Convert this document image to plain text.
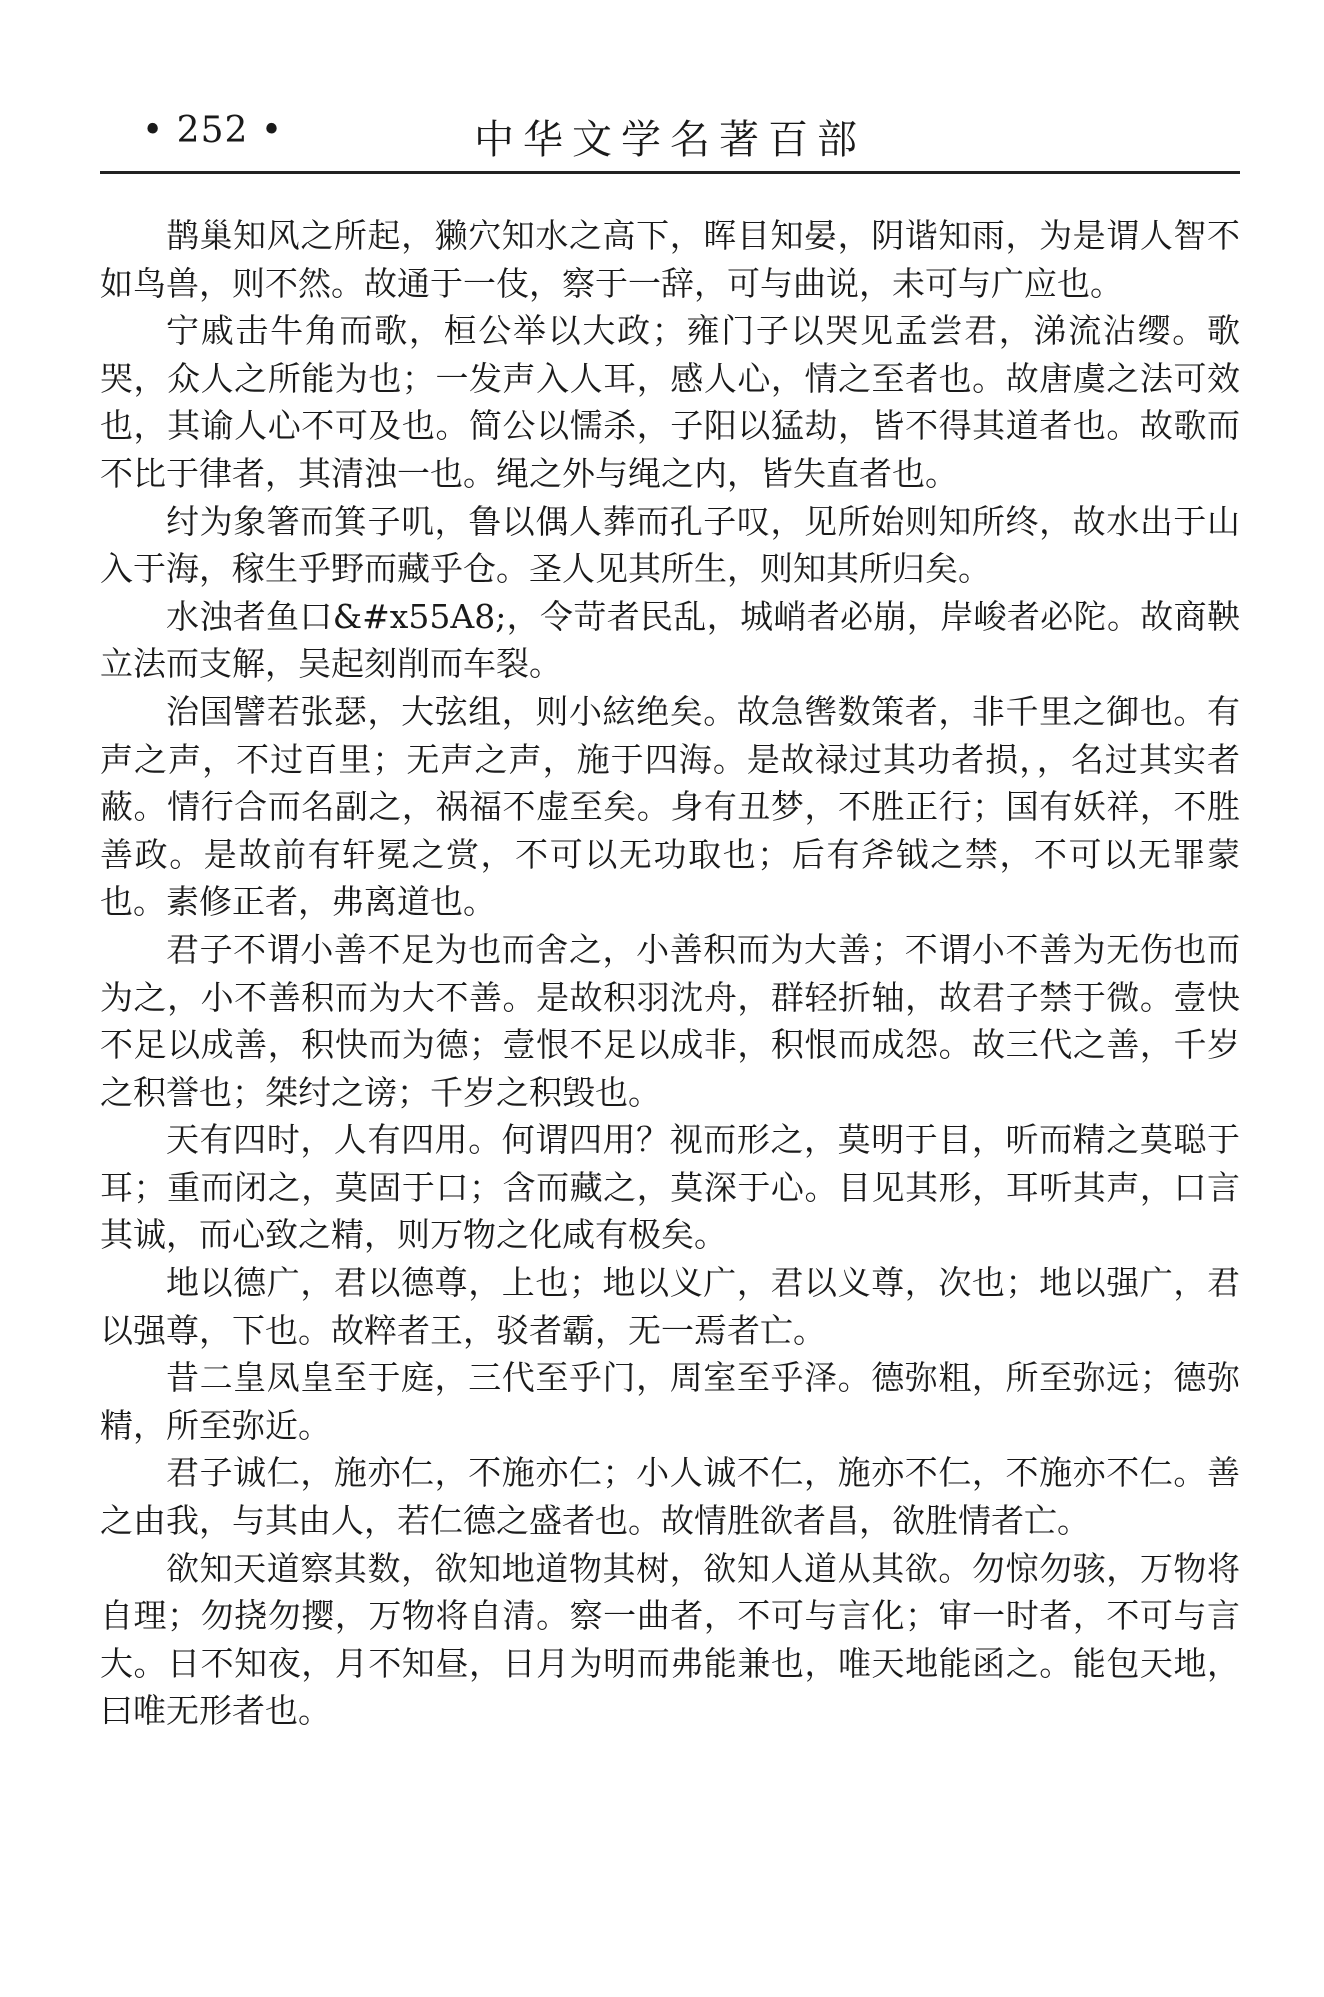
• 252 •	中华文学名著百部

鹊巢知风之所起，獭穴知水之高下，晖目知晏，阴谐知雨，为是谓人智不如鸟兽，则不然。故通于一伎，察于一辞，可与曲说，未可与广应也。

宁戚击牛角而歌，桓公举以大政；雍门子以哭见孟尝君，涕流沾缨。歌哭，众人之所能为也；一发声入人耳，感人心，情之至者也。故唐虞之法可效也，其谕人心不可及也。简公以懦杀，子阳以猛劫，皆不得其道者也。故歌而不比于律者，其清浊一也。绳之外与绳之内，皆失直者也。

纣为象箸而箕子叽，鲁以偶人葬而孔子叹，见所始则知所终，故水出于山入于海，稼生乎野而藏乎仓。圣人见其所生，则知其所归矣。

水浊者鱼口&#x55A8;，令苛者民乱，城峭者必崩，岸峻者必陀。故商鞅立法而支解，吴起刻削而车裂。

治国譬若张瑟，大弦组，则小絃绝矣。故急辔数策者，非千里之御也。有声之声，不过百里；无声之声，施于四海。是故禄过其功者损，，名过其实者蔽。情行合而名副之，祸福不虚至矣。身有丑梦，不胜正行；国有妖祥，不胜善政。是故前有轩冕之赏，不可以无功取也；后有斧钺之禁，不可以无罪蒙也。素修正者，弗离道也。

君子不谓小善不足为也而舍之，小善积而为大善；不谓小不善为无伤也而为之，小不善积而为大不善。是故积羽沈舟，群轻折轴，故君子禁于微。壹快不足以成善，积快而为德；壹恨不足以成非，积恨而成怨。故三代之善，千岁之积誉也；桀纣之谤；千岁之积毁也。

天有四时，人有四用。何谓四用？视而形之，莫明于目，听而精之莫聪于耳；重而闭之，莫固于口；含而藏之，莫深于心。目见其形，耳听其声，口言其诚，而心致之精，则万物之化咸有极矣。

地以德广，君以德尊，上也；地以义广，君以义尊，次也；地以强广，君以强尊，下也。故粹者王，驳者霸，无一焉者亡。

昔二皇凤皇至于庭，三代至乎门，周室至乎泽。德弥粗，所至弥远；德弥精，所至弥近。

君子诚仁，施亦仁，不施亦仁；小人诚不仁，施亦不仁，不施亦不仁。善之由我，与其由人，若仁德之盛者也。故情胜欲者昌，欲胜情者亡。

欲知天道察其数，欲知地道物其树，欲知人道从其欲。勿惊勿骇，万物将自理；勿挠勿撄，万物将自清。察一曲者，不可与言化；审一时者，不可与言大。日不知夜，月不知昼，日月为明而弗能兼也，唯天地能函之。能包天地，曰唯无形者也。
